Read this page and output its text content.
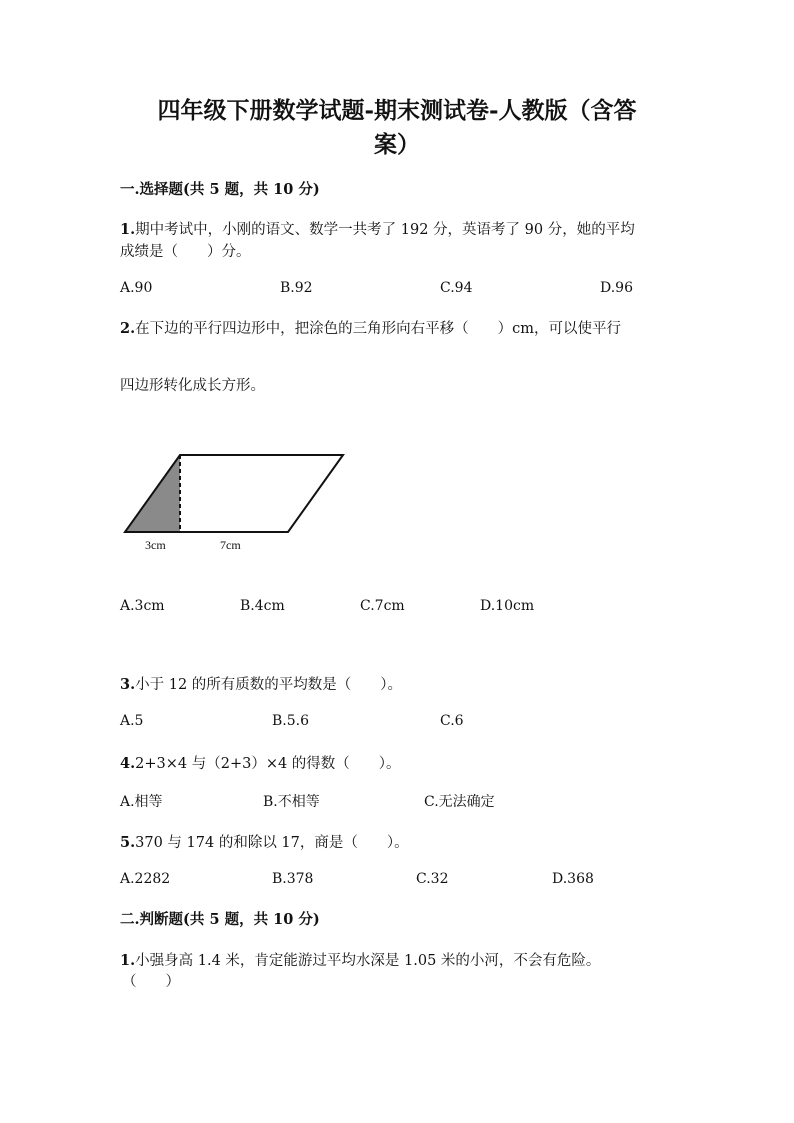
四年级下册数学试题-期末测试卷-人教版（含答
案）
一.选择题(共 5 题，共 10 分)
1.期中考试中，小刚的语文、数学一共考了 192 分，英语考了 90 分，她的平均
成绩是（　　）分。
A.90	B.92	C.94	D.96
2.在下边的平行四边形中，把涂色的三角形向右平移（　　）cm，可以使平行
四边形转化成长方形。
3cm	7cm
A.3cm	B.4cm	C.7cm	D.10cm
3.小于 12 的所有质数的平均数是（　　）。
A.5	B.5.6	C.6
4.2+3×4 与（2+3）×4 的得数（　　）。
A.相等	B.不相等	C.无法确定
5.370 与 174 的和除以 17，商是（　　）。
A.2282	B.378	C.32	D.368
二.判断题(共 5 题，共 10 分)
1.小强身高 1.4 米，肯定能游过平均水深是 1.05 米的小河，不会有危险。
（　　）
